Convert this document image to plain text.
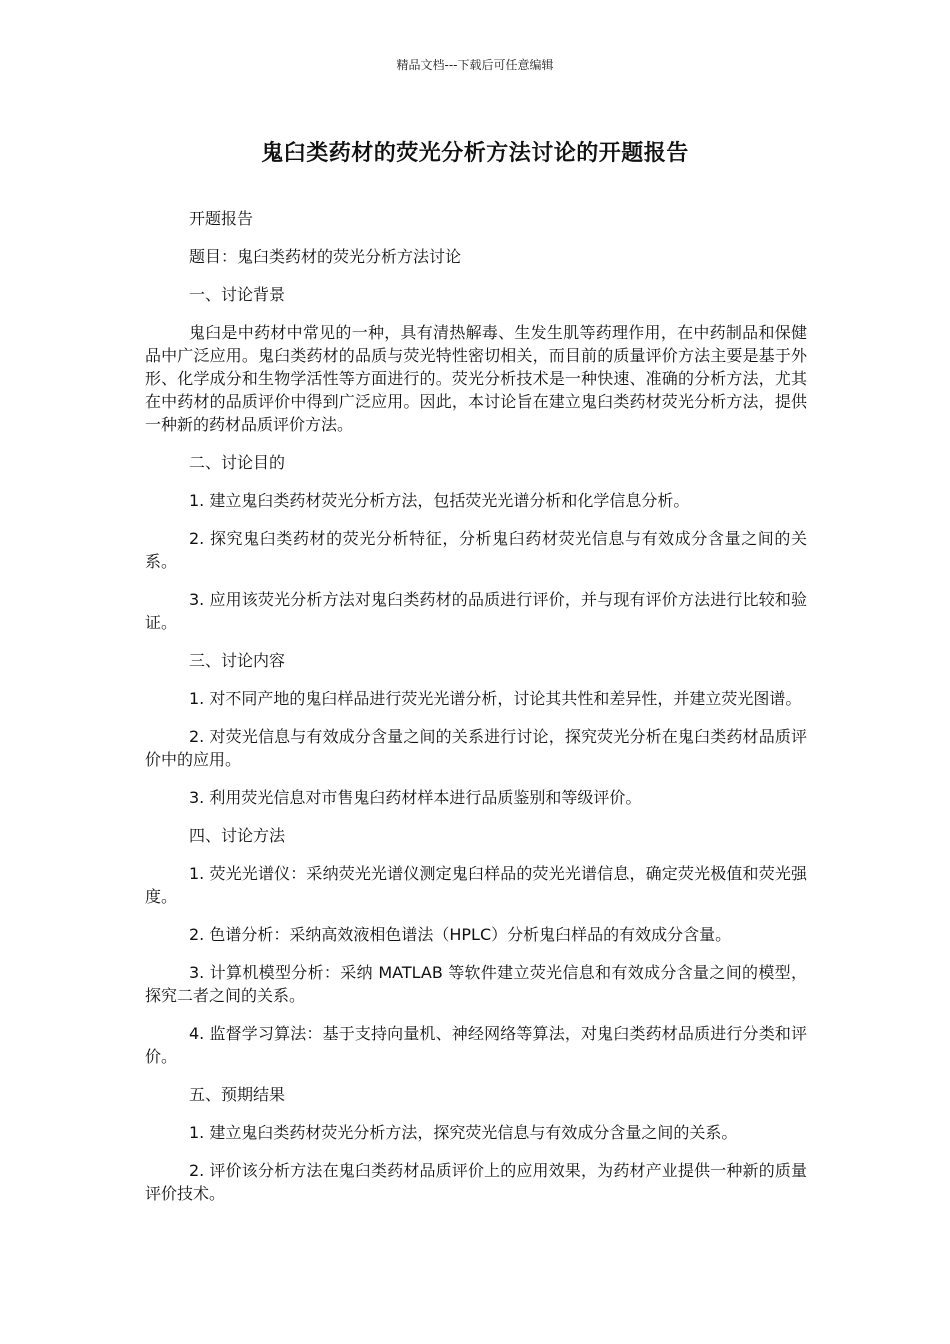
精品文档---下载后可任意编辑
鬼臼类药材的荧光分析方法讨论的开题报告

开题报告

题目：鬼臼类药材的荧光分析方法讨论

一、讨论背景

鬼臼是中药材中常见的一种，具有清热解毒、生发生肌等药理作用，在中药制品和保健品中广泛应用。鬼臼类药材的品质与荧光特性密切相关，而目前的质量评价方法主要是基于外形、化学成分和生物学活性等方面进行的。荧光分析技术是一种快速、准确的分析方法，尤其在中药材的品质评价中得到广泛应用。因此，本讨论旨在建立鬼臼类药材荧光分析方法，提供一种新的药材品质评价方法。

二、讨论目的

1. 建立鬼臼类药材荧光分析方法，包括荧光光谱分析和化学信息分析。

2. 探究鬼臼类药材的荧光分析特征，分析鬼臼药材荧光信息与有效成分含量之间的关系。

3. 应用该荧光分析方法对鬼臼类药材的品质进行评价，并与现有评价方法进行比较和验证。

三、讨论内容

1. 对不同产地的鬼臼样品进行荧光光谱分析，讨论其共性和差异性，并建立荧光图谱。

2. 对荧光信息与有效成分含量之间的关系进行讨论，探究荧光分析在鬼臼类药材品质评价中的应用。

3. 利用荧光信息对市售鬼臼药材样本进行品质鉴别和等级评价。

四、讨论方法

1. 荧光光谱仪：采纳荧光光谱仪测定鬼臼样品的荧光光谱信息，确定荧光极值和荧光强度。

2. 色谱分析：采纳高效液相色谱法（HPLC）分析鬼臼样品的有效成分含量。

3. 计算机模型分析：采纳 MATLAB 等软件建立荧光信息和有效成分含量之间的模型，探究二者之间的关系。

4. 监督学习算法：基于支持向量机、神经网络等算法，对鬼臼类药材品质进行分类和评价。

五、预期结果

1. 建立鬼臼类药材荧光分析方法，探究荧光信息与有效成分含量之间的关系。

2. 评价该分析方法在鬼臼类药材品质评价上的应用效果，为药材产业提供一种新的质量评价技术。
